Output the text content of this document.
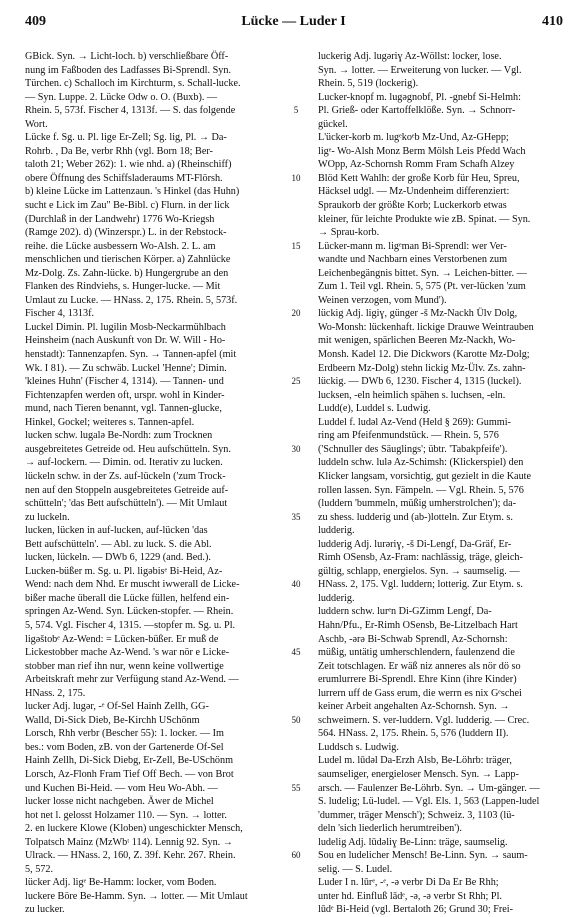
409	Lücke — Luder I	410
GBick. Syn. → Licht-loch. b) verschließbare Öff-
nung im Faßboden des Ladfasses Bi-Sprendl. Syn.
Türchen. c) Schalloch im Kirchturm, s. Schall-lucke.
— Syn. Luppe. 2. Lücke Odw o. O. (Buxb). —
Rhein. 5, 573f. Fischer 4, 1313f. — S. das folgende
Wort.
Lücke f. Sg. u. Pl. lige Er-Zell; Sg. lig, Pl. → Da-
Rohrb. , Da Be, verbr Rhh (vgl. Born 18; Ber-
taloth 21; Weber 262): 1. wie nhd. a) (Rheinschiff)
obere Öffnung des Schiffsladeraums MT-Flörsh.
b) kleine Lücke im Lattenzaun. 's Hinkel (das Huhn)
sucht e Lick im Zau" Be-Bibl. c) Flurn. in der lick
(Durchlaß in der Landwehr) 1776 Wo-Kriegsh
(Ramge 202). d) (Winzerspr.) L. in der Rebstock-
reihe. die Lücke ausbessern Wo-Alsh. 2. L. am
menschlichen und tierischen Körper. a) Zahnlücke
Mz-Dolg. Zs. Zahn-lücke. b) Hungergrube an den
Flanken des Rindviehs, s. Hunger-lucke. — Mit
Umlaut zu Lucke. — HNass. 2, 175. Rhein. 5, 573f.
Fischer 4, 1313f.
Luckel Dimin. Pl. lugilin Mosb-Neckarmühlbach
Heinsheim (nach Auskunft von Dr. W. Will - Ho-
henstadt): Tannenzapfen. Syn. → Tannen-apfel (mit
Wk. I 81). — Zu schwäb. Luckel 'Henne'; Dimin.
'kleines Huhn' (Fischer 4, 1314). — Tannen- und
Fichtenzapfen werden oft, urspr. wohl in Kinder-
mund, nach Tieren benannt, vgl. Tannen-glucke,
Hinkel, Gockel; weiteres s. Tannen-apfel.
lucken schw. lugalə Be-Nordh: zum Trocknen
ausgebreitetes Getreide od. Heu aufschütteln. Syn.
→ auf-lockern. — Dimin. od. Iterativ zu lucken.
lückeln schw. in der Zs. auf-lückeln ('zum Trock-
nen auf den Stoppeln ausgebreitetes Getreide auf-
schütteln'; 'das Bett aufschütteln'). — Mit Umlaut
zu luckeln.
lucken, lücken in auf-lucken, auf-lücken 'das
Bett aufschütteln'. — Abl. zu luck. S. die Abl.
lucken, lückeln. — DWb 6, 1229 (and. Bed.).
Lucken-büßer m. Sg. u. Pl. ligəbisᵉ Bi-Heid, Az-
Wend: nach dem Nhd. Er muscht iwwerall de Licke-
bißer mache überall die Lücke füllen, helfend ein-
springen Az-Wend. Syn. Lücken-stopfer. — Rhein.
5, 574. Vgl. Fischer 4, 1315. —stopfer m. Sg. u. Pl.
ligəštobᵉ Az-Wend: = Lücken-büßer. Er muß de
Lickestobber mache Az-Wend. 's war nör e Licke-
stobber man rief ihn nur, wenn keine vollwertige
Arbeitskraft mehr zur Verfügung stand Az-Wend. —
HNass. 2, 175.
lucker Adj. lugər, -ᵉ Of-Sel Hainh Zellh, GG-
Walld, Di-Sick Dieb, Be-Kirchh USchönm
Lorsch, Rhh verbr (Bescher 55): 1. locker. — Im
bes.: vom Boden, zB. von der Gartenerde Of-Sel
Hainh Zellh, Di-Sick Diebg, Er-Zell, Be-USchönm
Lorsch, Az-Flonh Fram Tief Off Bech. — von Brot
und Kuchen Bi-Heid. — vom Heu Wo-Abh. —
lucker losse nicht nachgeben. Äwer de Michel
hot net l. gelosst Holzamer 110. — Syn. → lotter.
2. en luckere Klowe (Kloben) ungeschickter Mensch,
Tolpatsch Mainz (MzWbᵗ 114). Lennig 92. Syn. →
Ulrack. — HNass. 2, 160, Z. 39f. Kehr. 267. Rhein.
5, 572.
lücker Adj. ligᵉ Be-Hamm: locker, vom Boden.
luckere Böre Be-Hamm. Syn. → lotter. — Mit Umlaut
zu lucker.
5
10
15
20
25
30
35
40
45
50
55
60
luckerig Adj. lugəriɣ Az-Wöllst: locker, lose.
Syn. → lotter. — Erweiterung von lucker. — Vgl.
Rhein. 5, 519 (lockerig).
Lucker-knopf m. lugəgnobf, Pl. -gnebf Si-Helmh:
Pl. Grieß- oder Kartoffelklöße. Syn. → Schnorr-
gückel.
L'ücker-korb m. lugᵉkoᵉb Mz-Und, Az-GHepp;
ligᵉ- Wo-Alsh Monz Berm Mölsh Leis Pfedd Wach
WOpp, Az-Schornsh Romm Fram Schafh Alzey
Blöd Kett Wahlh: der große Korb für Heu, Spreu,
Häcksel udgl. — Mz-Undenheim differenziert:
Spraukorb der größte Korb; Luckerkorb etwas
kleiner, für leichte Produkte wie zB. Spinat. — Syn.
→ Sprau-korb.
Lücker-mann m. ligᵉman Bi-Sprendl: wer Ver-
wandte und Nachbarn eines Verstorbenen zum
Leichenbegängnis bittet. Syn. → Leichen-bitter. —
Zum 1. Teil vgl. Rhein. 5, 575 (Pt. ver-lücken 'zum
Weinen verzogen, vom Mund').
lückig Adj. ligiɣ, günger -š Mz-Nackh Ülv Dolg,
Wo-Monsh: lückenhaft. lickige Drauwe Weintrauben
mit wenigen, spärlichen Beeren Mz-Nackh, Wo-
Monsh. Kadel 12. Die Dickwors (Karotte Mz-Dolg;
Erdbeern Mz-Dolg) stehn lickig Mz-Ülv. Zs. zahn-
lückig. — DWb 6, 1230. Fischer 4, 1315 (luckel).
lucksen, -eln heimlich spähen s. luchsen, -eln.
Ludd(e), Luddel s. Ludwig.
Luddel f. ludəl Az-Vend (Held § 269): Gummi-
ring am Pfeifenmundstück. — Rhein. 5, 576
('Schnuller des Säuglings'; übtr. 'Tabakpfeife').
luddeln schw. lulə Az-Schimsh: (Klickerspiel) den
Klicker langsam, vorsichtig, gut gezielt in die Kaute
rollen lassen. Syn. Fämpeln. — Vgl. Rhein. 5, 576
(luddern 'bummeln, müßig umherstrolchen'); da-
zu shess. ludderig und (ab-)lotteln. Zur Etym. s.
ludderig.
ludderig Adj. lurəriɣ, -š Di-Lengf, Da-Gräf, Er-
Rimh OSensb, Az-Fram: nachlässig, träge, gleich-
gültig, schlapp, energielos. Syn. → saumselig. —
HNass. 2, 175. Vgl. luddern; lotterig. Zur Etym. s.
ludderig.
luddern schw. lurᵉn Di-GZimm Lengf, Da-
Hahn/Pfu., Er-Rimh OSensb, Be-Litzelbach Hart
Aschb, -ərə Bi-Schwab Sprendl, Az-Schornsh:
müßig, untätig umherschlendern, faulenzend die
Zeit totschlagen. Er wäß niz anneres als nör dö so
erumlurrere Bi-Sprendl. Ehre Kinn (ihre Kinder)
lurrern uff de Gass erum, die werrn es nix Gᵉschei
keiner Arbeit angehalten Az-Schornsh. Syn. →
schweimern. S. ver-luddern. Vgl. ludderig. — Crec.
564. HNass. 2, 175. Rhein. 5, 576 (luddern II).
Luddsch s. Ludwig.
Ludel m. lūdəl Da-Erzh Alsb, Be-Löhrb: träger,
saumseliger, energieloser Mensch. Syn. → Lapp-
arsch. — Faulenzer Be-Löhrb. Syn. → Um-gänger. —
S. ludelig; Lü-ludel. — Vgl. Els. 1, 563 (Lappen-ludel
'dummer, träger Mensch'); Schweiz. 3, 1103 (lü-
deln 'sich liederlich herumtreiben').
ludelig Adj. lūdəliɣ Be-Linn: träge, saumselig.
Sou en ludelicher Mensch! Be-Linn. Syn. → saum-
selig. — S. Ludel.
Luder I n. lūrᵉ, -ᵉ, -ə verbr Di Da Er Be Rhh;
unter hd. Einfluß lādᵉ, -ə, -ə verbr St Rhh; Pl.
lūdᵉ Bi-Heid (vgl. Bertaloth 26; Grund 30; Frei-
